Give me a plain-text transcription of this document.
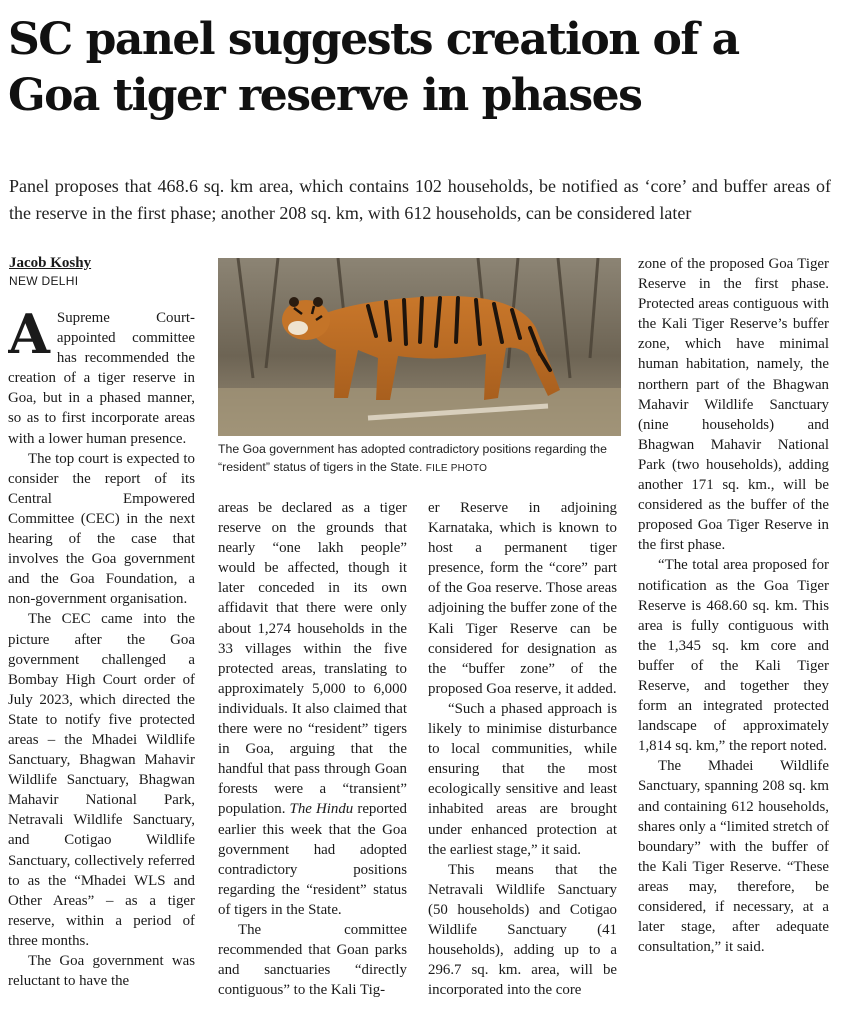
SC panel suggests creation of a Goa tiger reserve in phases

Panel proposes that 468.6 sq. km area, which contains 102 households, be notified as ‘core’ and buffer areas of the reserve in the first phase; another 208 sq. km, with 612 households, can be considered later

Jacob Koshy
NEW DELHI

A Supreme Court-appointed committee has recommended the creation of a tiger reserve in Goa, but in a phased manner, so as to first incorporate areas with a lower human presence.

The top court is expected to consider the report of its Central Empowered Committee (CEC) in the next hearing of the case that involves the Goa government and the Goa Foundation, a non-government organisation.

The CEC came into the picture after the Goa government challenged a Bombay High Court order of July 2023, which directed the State to notify five protected areas – the Mhadei Wildlife Sanctuary, Bhagwan Mahavir Wildlife Sanctuary, Bhagwan Mahavir National Park, Netravali Wildlife Sanctuary, and Cotigao Wildlife Sanctuary, collectively referred to as the “Mhadei WLS and Other Areas” – as a tiger reserve, within a period of three months.

The Goa government was reluctant to have the

The Goa government has adopted contradictory positions regarding the “resident” status of tigers in the State. FILE PHOTO

areas be declared as a tiger reserve on the grounds that nearly “one lakh people” would be affected, though it later conceded in its own affidavit that there were only about 1,274 households in the 33 villages within the five protected areas, translating to approximately 5,000 to 6,000 individuals. It also claimed that there were no “resident” tigers in Goa, arguing that the handful that pass through Goan forests were a “transient” population. The Hindu reported earlier this week that the Goa government had adopted contradictory positions regarding the “resident” status of tigers in the State.

The committee recommended that Goan parks and sanctuaries “directly contiguous” to the Kali Tig-

er Reserve in adjoining Karnataka, which is known to host a permanent tiger presence, form the “core” part of the Goa reserve. Those areas adjoining the buffer zone of the Kali Tiger Reserve can be considered for designation as the “buffer zone” of the proposed Goa reserve, it added.

“Such a phased approach is likely to minimise disturbance to local communities, while ensuring that the most ecologically sensitive and least inhabited areas are brought under enhanced protection at the earliest stage,” it said.

This means that the Netravali Wildlife Sanctuary (50 households) and Cotigao Wildlife Sanctuary (41 households), adding up to a 296.7 sq. km. area, will be incorporated into the core

zone of the proposed Goa Tiger Reserve in the first phase. Protected areas contiguous with the Kali Tiger Reserve’s buffer zone, which have minimal human habitation, namely, the northern part of the Bhagwan Mahavir Wildlife Sanctuary (nine households) and Bhagwan Mahavir National Park (two households), adding another 171 sq. km., will be considered as the buffer of the proposed Goa Tiger Reserve in the first phase.

“The total area proposed for notification as the Goa Tiger Reserve is 468.60 sq. km. This area is fully contiguous with the 1,345 sq. km core and buffer of the Kali Tiger Reserve, and together they form an integrated protected landscape of approximately 1,814 sq. km,” the report noted.

The Mhadei Wildlife Sanctuary, spanning 208 sq. km and containing 612 households, shares only a “limited stretch of boundary” with the buffer of the Kali Tiger Reserve. “These areas may, therefore, be considered, if necessary, at a later stage, after adequate consultation,” it said.
